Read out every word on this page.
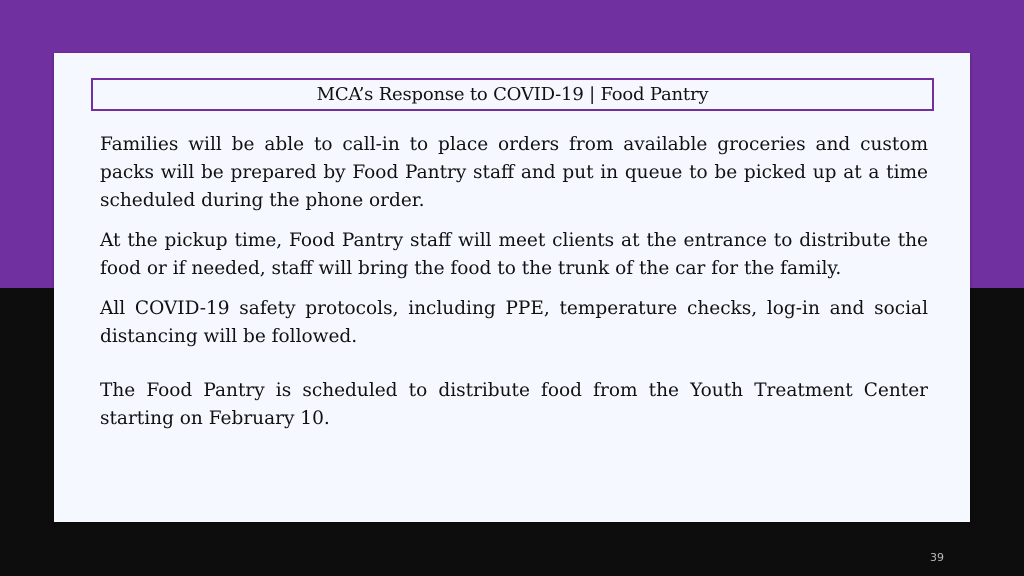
MCA’s Response to COVID-19 | Food Pantry

Families will be able to call-in to place orders from available groceries and custom packs will be prepared by Food Pantry staff and put in queue to be picked up at a time scheduled during the phone order.

At the pickup time, Food Pantry staff will meet clients at the entrance to distribute the food or if needed, staff will bring the food to the trunk of the car for the family.

All COVID-19 safety protocols, including PPE, temperature checks, log-in and social distancing will be followed.

The Food Pantry is scheduled to distribute food from the Youth Treatment Center starting on February 10.

39
